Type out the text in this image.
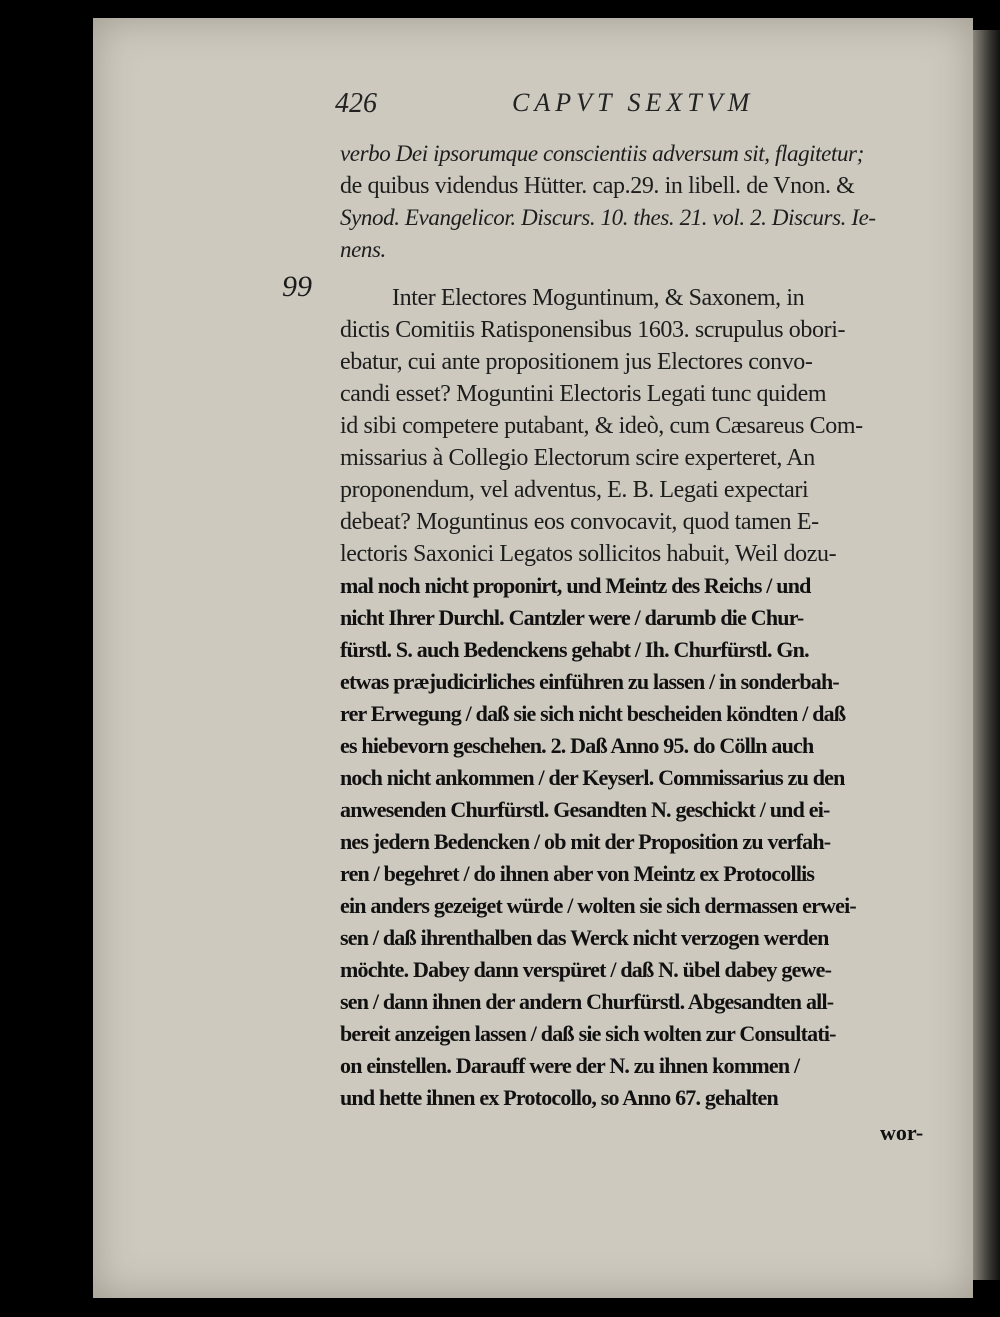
426	CAPVT SEXTVM
99
verbo Dei ipsorumque conscientiis adversum sit, flagitetur;
de quibus videndus Hütter. cap.29. in libell. de Vnon. &
Synod. Evangelicor. Discurs. 10. thes. 21. vol. 2. Discurs. Ie-
nens.
Inter Electores Moguntinum, & Saxonem, in
dictis Comitiis Ratisponensibus 1603. scrupulus obori-
ebatur, cui ante propositionem jus Electores convo-
candi esset? Moguntini Electoris Legati tunc quidem
id sibi competere putabant, & ideò, cum Cæsareus Com-
missarius à Collegio Electorum scire experteret, An
proponendum, vel adventus, E. B. Legati expectari
debeat? Moguntinus eos convocavit, quod tamen E-
lectoris Saxonici Legatos sollicitos habuit, Weil dozu-
mal noch nicht proponirt, und Meintz des Reichs / und
nicht Ihrer Durchl. Cantzler were / darumb die Chur-
fürstl. S. auch Bedenckens gehabt / Ih. Churfürstl. Gn.
etwas præjudicirliches einführen zu lassen / in sonderbah-
rer Erwegung / daß sie sich nicht bescheiden köndten / daß
es hiebevorn geschehen. 2. Daß Anno 95. do Cölln auch
noch nicht ankommen / der Keyserl. Commissarius zu den
anwesenden Churfürstl. Gesandten N. geschickt / und ei-
nes jedern Bedencken / ob mit der Proposition zu verfah-
ren / begehret / do ihnen aber von Meintz ex Protocollis
ein anders gezeiget würde / wolten sie sich dermassen erwei-
sen / daß ihrenthalben das Werck nicht verzogen werden
möchte. Dabey dann verspüret / daß N. übel dabey gewe-
sen / dann ihnen der andern Churfürstl. Abgesandten all-
bereit anzeigen lassen / daß sie sich wolten zur Consultati-
on einstellen. Darauff were der N. zu ihnen kommen /
und hette ihnen ex Protocollo, so Anno 67. gehalten
wor-
